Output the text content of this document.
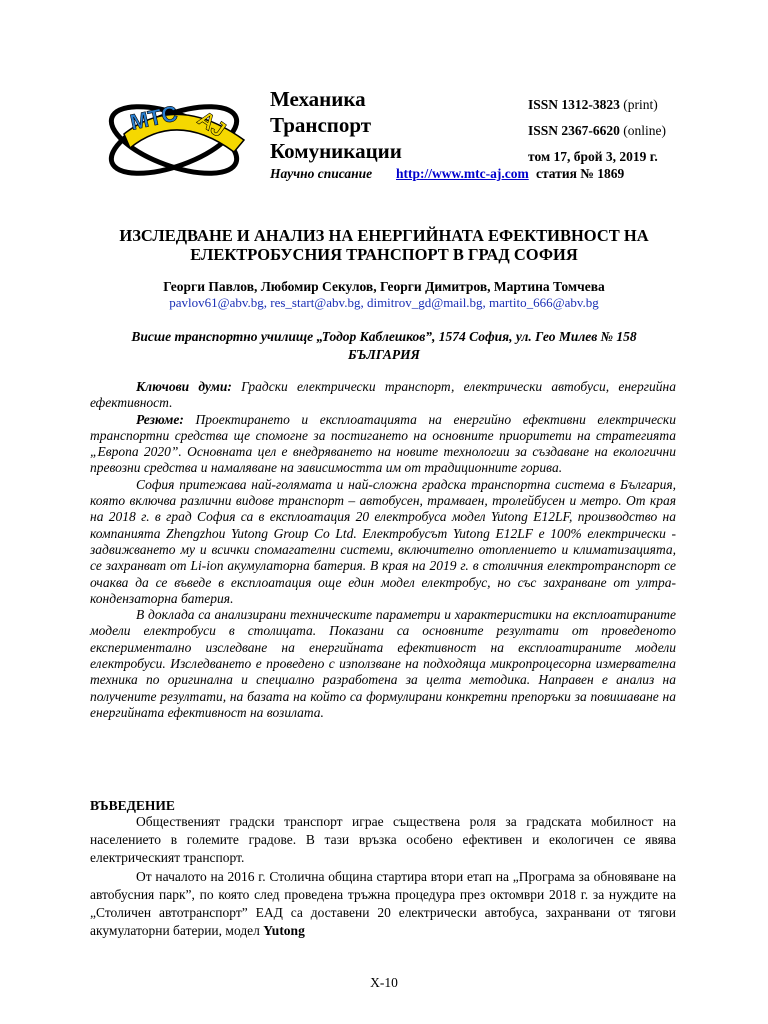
MTC AJ
Механика
Транспорт
Комуникации
ISSN 1312-3823 (print)
ISSN 2367-6620 (online)
том 17, брой 3, 2019 г.
Научно списание http://www.mtc-aj.com статия № 1869
ИЗСЛЕДВАНЕ И АНАЛИЗ НА ЕНЕРГИЙНАТА ЕФЕКТИВНОСТ НА
ЕЛЕКТРОБУСНИЯ ТРАНСПОРТ В ГРАД СОФИЯ
Георги Павлов, Любомир Секулов, Георги Димитров, Мартина Томчева
pavlov61@abv.bg, res_start@abv.bg, dimitrov_gd@mail.bg, martito_666@abv.bg
Висше транспортно училище „Тодор Каблешков”, 1574 София, ул. Гео Милев № 158
БЪЛГАРИЯ

Ключови думи: Градски електрически транспорт, електрически автобуси, енергийна ефективност.

Резюме: Проектирането и експлоатацията на енергийно ефективни електрически транспортни средства ще спомогне за постигането на основните приоритети на стратегията „Европа 2020”. Основната цел е внедряването на новите технологии за създаване на екологични превозни средства и намаляване на зависимостта им от традиционните горива.

София притежава най-голямата и най-сложна градска транспортна система в България, която включва различни видове транспорт – автобусен, трамваен, тролейбусен и метро. От края на 2018 г. в град София са в експлоатация 20 електробуса модел Yutong E12LF, производство на компанията Zhengzhou Yutong Group Co Ltd. Електробусът Yutong E12LF е 100% електрически - задвижването му и всички спомагателни системи, включително отоплението и климатизацията, се захранват от Li-ion акумулаторна батерия. В края на 2019 г. в столичния електротранспорт се очаква да се въведе в експлоатация още един модел електробус, но със захранване от ултра-кондензаторна батерия.

В доклада са анализирани техническите параметри и характеристики на експлоатираните модели електробуси в столицата. Показани са основните резултати от проведеното експериментално изследване на енергийната ефективност на експлоатираните модели електробуси. Изследването е проведено с използване на подходяща микропроцесорна измервателна техника по оригинална и специално разработена за целта методика. Направен е анализ на получените резултати, на базата на който са формулирани конкретни препоръки за повишаване на енергийната ефективност на возилата.

ВЪВЕДЕНИЕ

Обществeният градски транспорт играе съществена роля за градската мобилност на населението в големите градове. В тази връзка особено ефективен и екологичен се явява електрическият транспорт.

От началото на 2016 г. Столична община стартира втори етап на „Програма за обновяване на автобусния парк”, по която след проведена тръжна процедура през октомври 2018 г. за нуждите на „Столичен автотранспорт” ЕАД са доставени 20 електрически автобуса, захранвани от тягови акумулаторни батерии, модел Yutong

X-10
